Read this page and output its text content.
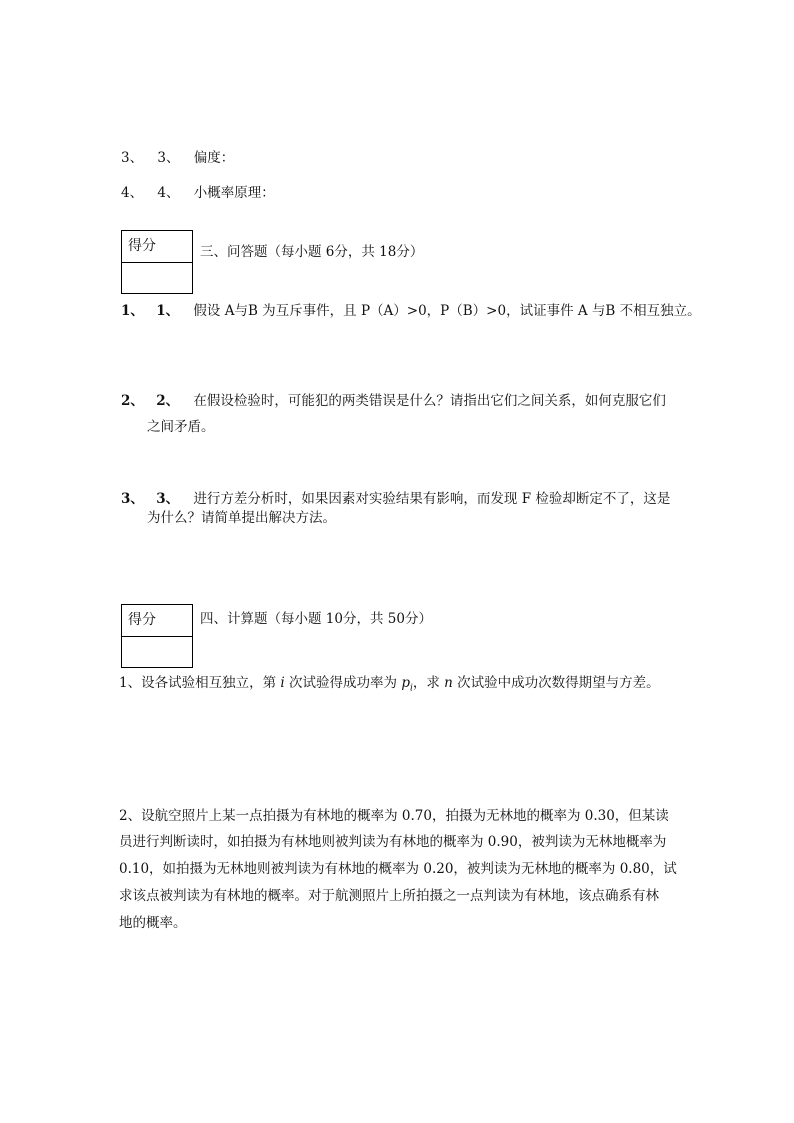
3、 3、 偏度：
4、 4、 小概率原理：
得分	三、问答题（每小题 6分，共 18分）
1、 1、 假设 A与B 为互斥事件，且 P（A）>0，P（B）>0，试证事件 A 与B 不相互独立。
2、 2、 在假设检验时，可能犯的两类错误是什么？请指出它们之间关系，如何克服它们
之间矛盾。
3、 3、 进行方差分析时，如果因素对实验结果有影响，而发现 F 检验却断定不了，这是
为什么？请简单提出解决方法。
得分	四、计算题（每小题 10分，共 50分）
1、设各试验相互独立，第 i 次试验得成功率为 $p_i$，求 n 次试验中成功次数得期望与方差。
2、设航空照片上某一点拍摄为有林地的概率为 0.70，拍摄为无林地的概率为 0.30，但某读
员进行判断读时，如拍摄为有林地则被判读为有林地的概率为 0.90，被判读为无林地概率为
0.10，如拍摄为无林地则被判读为有林地的概率为 0.20，被判读为无林地的概率为 0.80，试
求该点被判读为有林地的概率。对于航测照片上所拍摄之一点判读为有林地，该点确系有林
地的概率。
